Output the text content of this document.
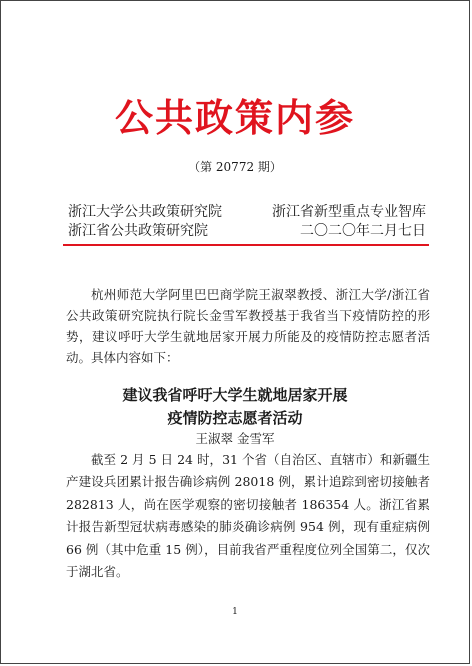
公共政策内参
（第 20772 期）
浙江大学公共政策研究院	浙江省新型重点专业智库
浙江省公共政策研究院	二〇二〇年二月七日

杭州师范大学阿里巴巴商学院王淑翠教授、浙江大学/浙江省公共政策研究院执行院长金雪军教授基于我省当下疫情防控的形势，建议呼吁大学生就地居家开展力所能及的疫情防控志愿者活动。具体内容如下：

建议我省呼吁大学生就地居家开展
疫情防控志愿者活动
王淑翠 金雪军

截至 2 月 5 日 24 时，31 个省（自治区、直辖市）和新疆生产建设兵团累计报告确诊病例 28018 例，累计追踪到密切接触者 282813 人，尚在医学观察的密切接触者 186354 人。浙江省累计报告新型冠状病毒感染的肺炎确诊病例 954 例，现有重症病例 66 例（其中危重 15 例），目前我省严重程度位列全国第二，仅次于湖北省。

1
